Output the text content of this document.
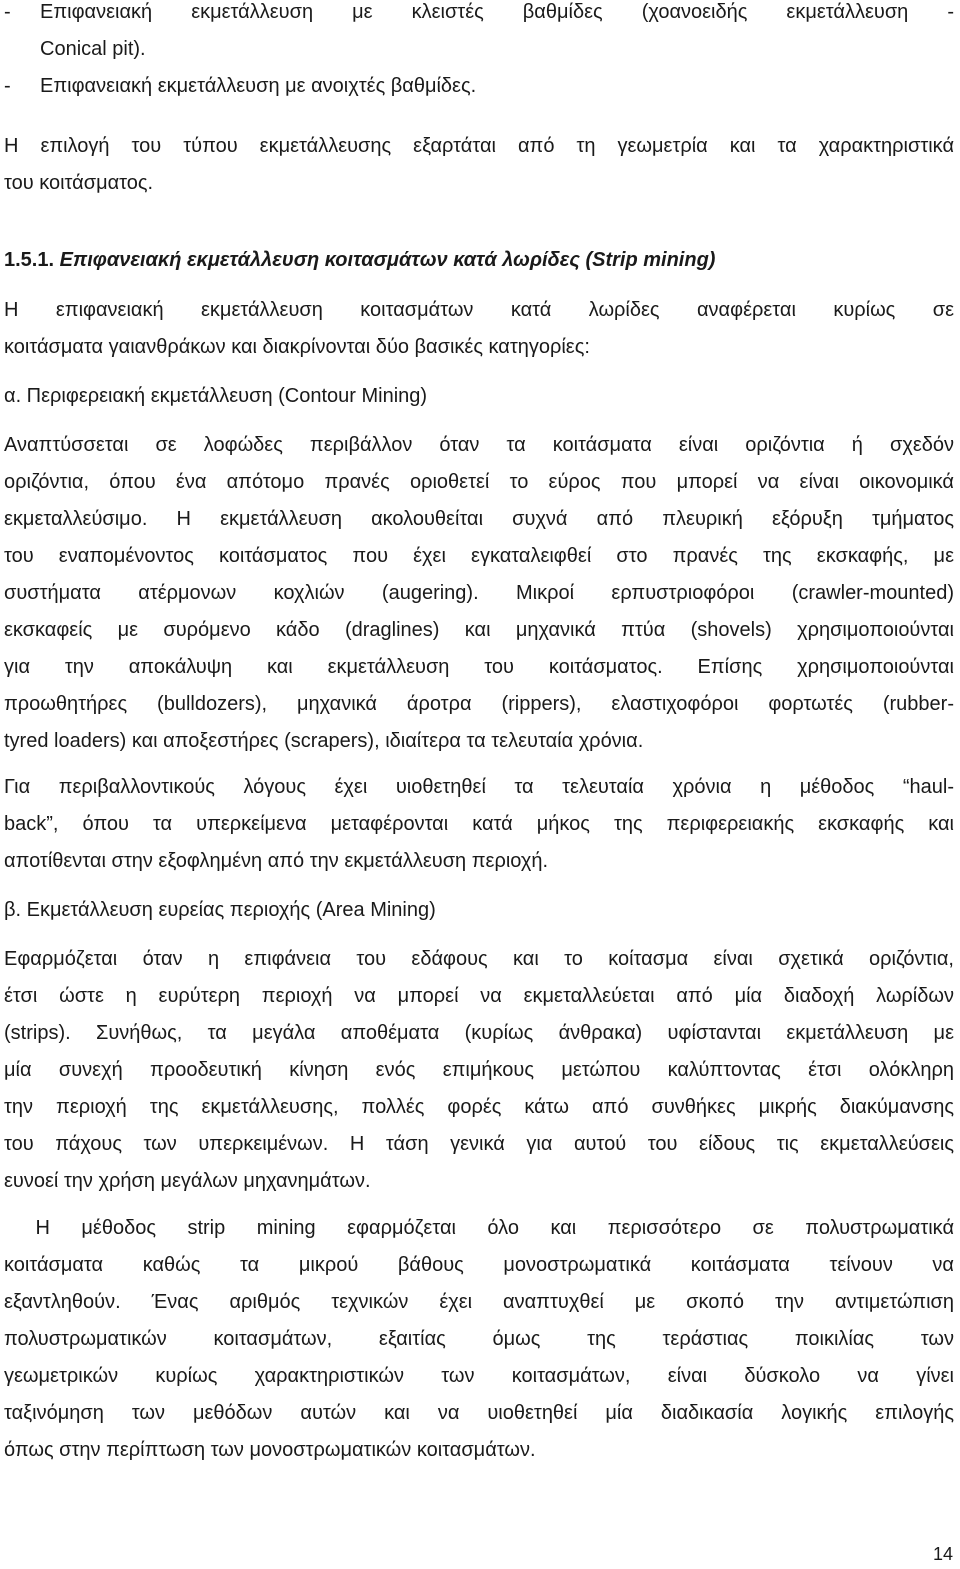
-	Επιφανειακή εκμετάλλευση με κλειστές βαθμίδες (χοανοειδής εκμετάλλευση -
Conical pit).
-	Επιφανειακή εκμετάλλευση με ανοιχτές βαθμίδες.
Η επιλογή του τύπου εκμετάλλευσης εξαρτάται από τη γεωμετρία και τα χαρακτηριστικά
του κοιτάσματος.
1.5.1. Επιφανειακή εκμετάλλευση κοιτασμάτων κατά λωρίδες (Strip mining)
Η επιφανειακή εκμετάλλευση κοιτασμάτων κατά λωρίδες αναφέρεται κυρίως σε
κοιτάσματα γαιανθράκων και διακρίνονται δύο βασικές κατηγορίες:
α. Περιφερειακή εκμετάλλευση (Contour Mining)
Αναπτύσσεται σε λοφώδες περιβάλλον όταν τα κοιτάσματα είναι οριζόντια ή σχεδόν
οριζόντια, όπου ένα απότομο πρανές οριοθετεί το εύρος που μπορεί να είναι οικονομικά
εκμεταλλεύσιμο. Η εκμετάλλευση ακολουθείται συχνά από πλευρική εξόρυξη τμήματος
του εναπομένοντος κοιτάσματος που έχει εγκαταλειφθεί στο πρανές της εκσκαφής, με
συστήματα ατέρμονων κοχλιών (augering). Μικροί ερπυστριοφόροι (crawler-mounted)
εκσκαφείς με συρόμενο κάδο (draglines) και μηχανικά πτύα (shovels) χρησιμοποιούνται
για την αποκάλυψη και εκμετάλλευση του κοιτάσματος. Επίσης χρησιμοποιούνται
προωθητήρες (bulldozers), μηχανικά άροτρα (rippers), ελαστιχοφόροι φορτωτές (rubber-
tyred loaders) και αποξεστήρες (scrapers), ιδιαίτερα τα τελευταία χρόνια.
Για περιβαλλοντικούς λόγους έχει υιοθετηθεί τα τελευταία χρόνια η μέθοδος “haul-
back”, όπου τα υπερκείμενα μεταφέρονται κατά μήκος της περιφερειακής εκσκαφής και
αποτίθενται στην εξοφλημένη από την εκμετάλλευση περιοχή.
β. Εκμετάλλευση ευρείας περιοχής (Area Mining)
Εφαρμόζεται όταν η επιφάνεια του εδάφους και το κοίτασμα είναι σχετικά οριζόντια,
έτσι ώστε η ευρύτερη περιοχή να μπορεί να εκμεταλλεύεται από μία διαδοχή λωρίδων
(strips). Συνήθως, τα μεγάλα αποθέματα (κυρίως άνθρακα) υφίστανται εκμετάλλευση με
μία συνεχή προοδευτική κίνηση ενός επιμήκους μετώπου καλύπτοντας έτσι ολόκληρη
την περιοχή της εκμετάλλευσης, πολλές φορές κάτω από συνθήκες μικρής διακύμανσης
του πάχους των υπερκειμένων. Η τάση γενικά για αυτού του είδους τις εκμεταλλεύσεις
ευνοεί την χρήση μεγάλων μηχανημάτων.
Η μέθοδος strip mining εφαρμόζεται όλο και περισσότερο σε πολυστρωματικά
κοιτάσματα καθώς τα μικρού βάθους μονοστρωματικά κοιτάσματα τείνουν να
εξαντληθούν. Ένας αριθμός τεχνικών έχει αναπτυχθεί με σκοπό την αντιμετώπιση
πολυστρωματικών κοιτασμάτων, εξαιτίας όμως της τεράστιας ποικιλίας των
γεωμετρικών κυρίως χαρακτηριστικών των κοιτασμάτων, είναι δύσκολο να γίνει
ταξινόμηση των μεθόδων αυτών και να υιοθετηθεί μία διαδικασία λογικής επιλογής
όπως στην περίπτωση των μονοστρωματικών κοιτασμάτων.
14
